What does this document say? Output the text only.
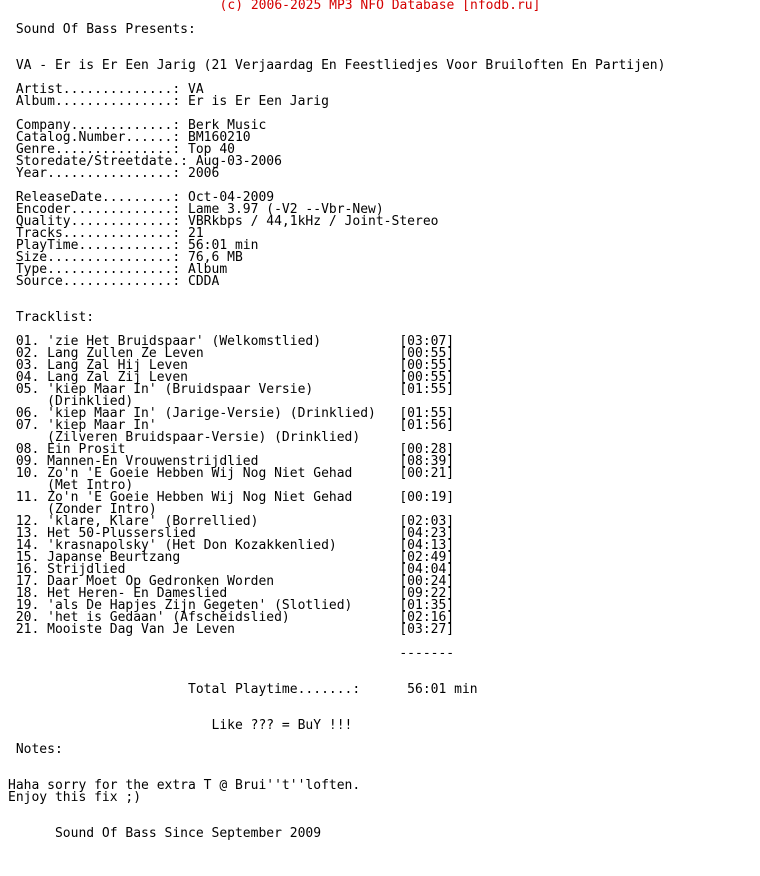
(c) 2006-2025 MP3 NFO Database [nfodb.ru]
Sound Of Bass Presents:
VA - Er is Er Een Jarig (21 Verjaardag En Feestliedjes Voor Bruiloften En Partijen)
Artist..............: VA
Album...............: Er is Er Een Jarig
Company.............: Berk Music
Catalog.Number......: BM160210
Genre...............: Top 40
Storedate/Streetdate.: Aug-03-2006
Year................: 2006
ReleaseDate.........: Oct-04-2009
Encoder.............: Lame 3.97 (-V2 --Vbr-New)
Quality.............: VBRkbps / 44,1kHz / Joint-Stereo
Tracks..............: 21
PlayTime............: 56:01 min
Size................: 76,6 MB
Type................: Album
Source..............: CDDA
Tracklist:
01. 'zie Het Bruidspaar' (Welkomstlied)          [03:07]
02. Lang Zullen Ze Leven                         [00:55]
03. Lang Zal Hij Leven                           [00:55]
04. Lang Zal Zij Leven                           [00:55]
05. 'kiep Maar In' (Bruidspaar Versie)           [01:55]
(Drinklied)
06. 'kiep Maar In' (Jarige-Versie) (Drinklied)   [01:55]
07. 'kiep Maar In'                               [01:56]
(Zilveren Bruidspaar-Versie) (Drinklied)
08. Ein Prosit                                   [00:28]
09. Mannen-En Vrouwenstrijdlied                  [08:39]
10. Zo'n 'E Goeie Hebben Wij Nog Niet Gehad      [00:21]
(Met Intro)
11. Zo'n 'E Goeie Hebben Wij Nog Niet Gehad      [00:19]
(Zonder Intro)
12. 'klare, Klare' (Borrellied)                  [02:03]
13. Het 50-Plusserslied                          [04:23]
14. 'krasnapolsky' (Het Don Kozakkenlied)        [04:13]
15. Japanse Beurtzang                            [02:49]
16. Strijdlied                                   [04:04]
17. Daar Moet Op Gedronken Worden                [00:24]
18. Het Heren- En Dameslied                      [09:22]
19. 'als De Hapjes Zijn Gegeten' (Slotlied)      [01:35]
20. 'het is Gedaan' (Afscheidslied)              [02:16]
21. Mooiste Dag Van Je Leven                     [03:27]
-------
Total Playtime.......:      56:01 min
Like ??? = BuY !!!
Notes:
Haha sorry for the extra T @ Brui''t''loften.
Enjoy this fix ;)
Sound Of Bass Since September 2009
